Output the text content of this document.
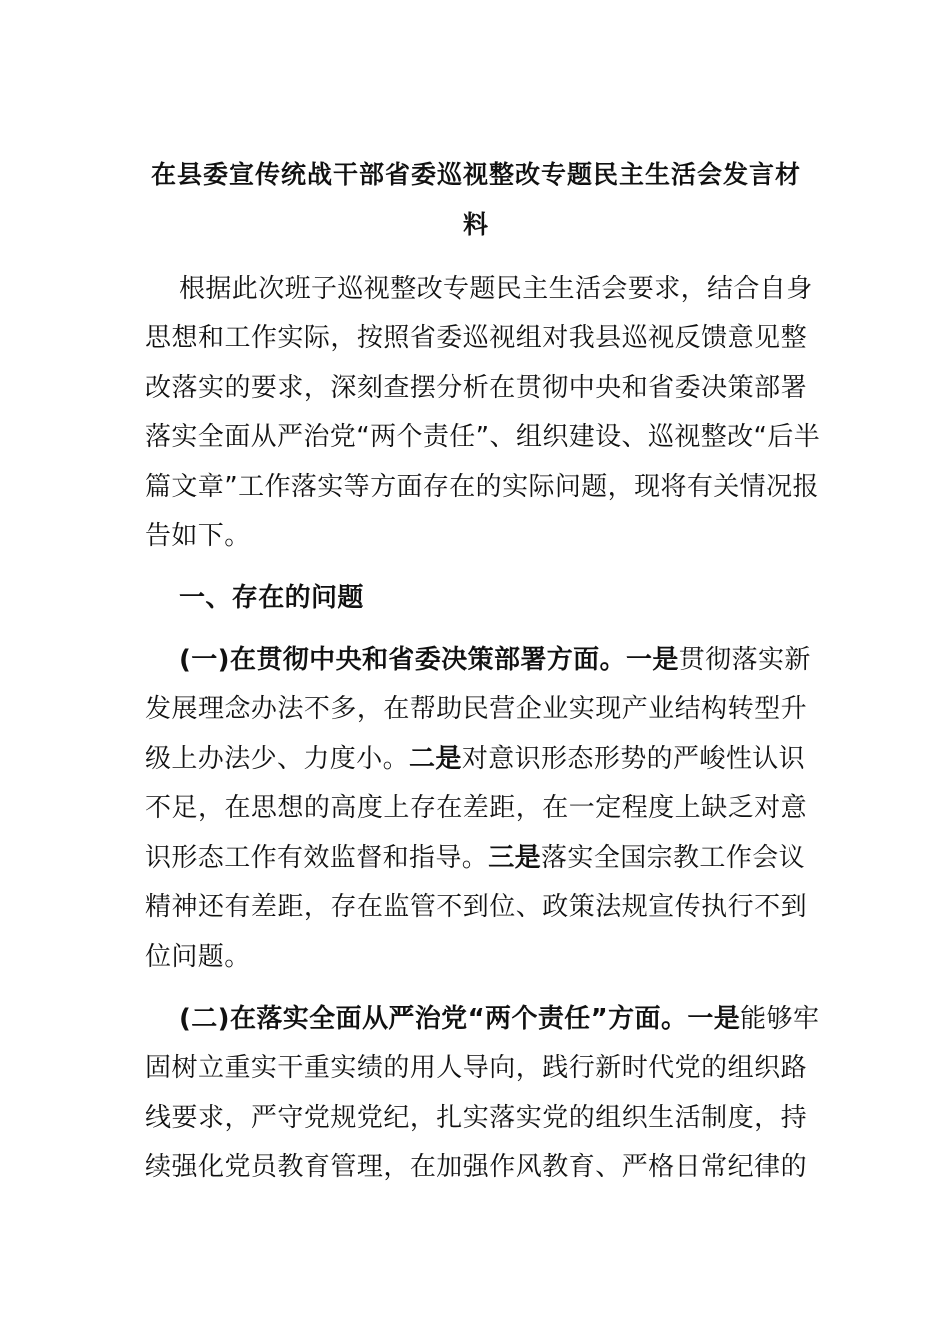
在县委宣传统战干部省委巡视整改专题民主生活会发言材
料
根据此次班子巡视整改专题民主生活会要求，结合自身
思想和工作实际，按照省委巡视组对我县巡视反馈意见整
改落实的要求，深刻查摆分析在贯彻中央和省委决策部署
落实全面从严治党“两个责任”、组织建设、巡视整改“后半
篇文章”工作落实等方面存在的实际问题，现将有关情况报
告如下。
一、存在的问题
(一)在贯彻中央和省委决策部署方面。一是贯彻落实新
发展理念办法不多，在帮助民营企业实现产业结构转型升
级上办法少、力度小。二是对意识形态形势的严峻性认识
不足，在思想的高度上存在差距，在一定程度上缺乏对意
识形态工作有效监督和指导。三是落实全国宗教工作会议
精神还有差距，存在监管不到位、政策法规宣传执行不到
位问题。
(二)在落实全面从严治党“两个责任”方面。一是能够牢
固树立重实干重实绩的用人导向，践行新时代党的组织路
线要求，严守党规党纪，扎实落实党的组织生活制度，持
续强化党员教育管理，在加强作风教育、严格日常纪律的
